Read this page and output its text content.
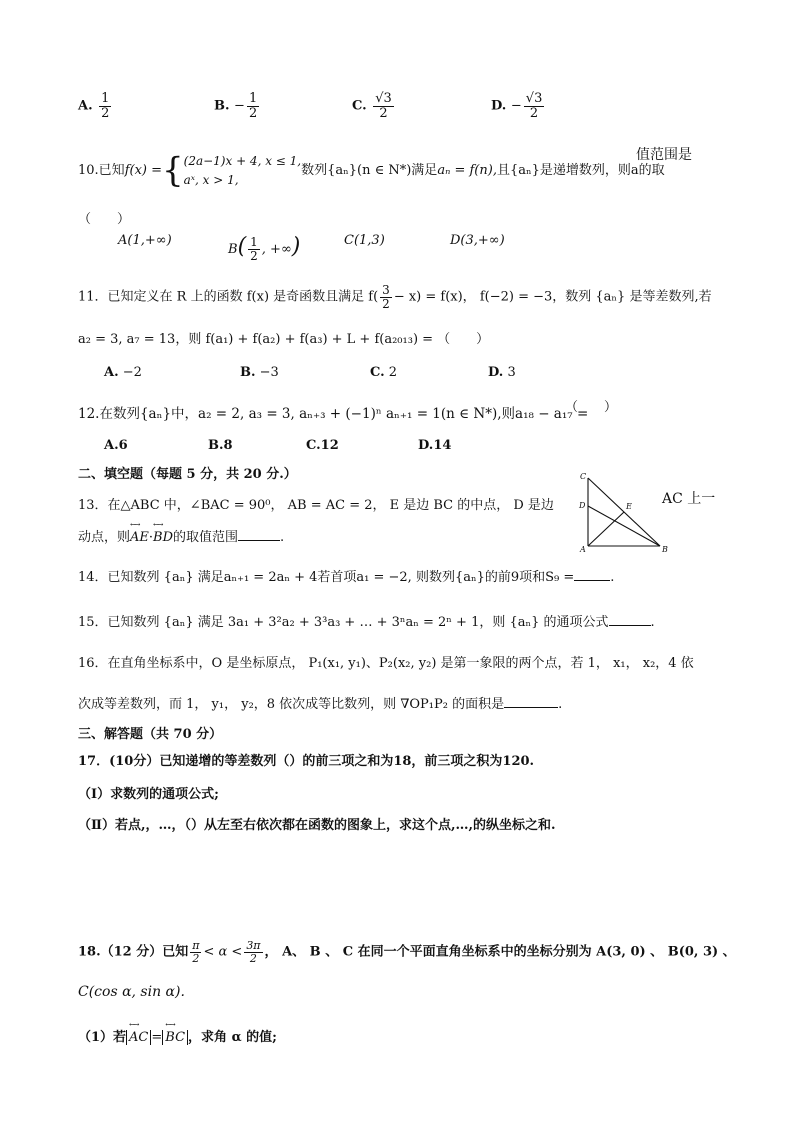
A. $\frac{1}{2}$	B. − $\frac{1}{2}$	C. $\frac{√3}{2}$	D. − $\frac{√3}{2}$
值范围是
10.已知f(x) ={ (2a−1)x + 4, x ≤ 1,
aˣ, x > 1,
数列{aₙ}(n ∈ N*)满足aₙ = f(n),且{aₙ}是递增数列，则a的取
（　　）
A(1,+∞)
$B( \frac{1}{2}$ , +∞)	C(1,3)	D(3,+∞)
11．已知定义在 R 上的函数 f(x) 是奇函数且满足 $f( \frac{3}{2} - x) = f(x)$， f(−2) = −3，数列 {aₙ} 是等差数列,若
a₂ = 3, a₇ = 13，则 f(a₁) + f(a₂) + f(a₃) + L + f(a₂₀₁₃) = （　　）
A. −2	B. −3	C. 2	D. 3
12.在数列{aₙ}中，a₂ = 2, a₃ = 3, aₙ₊₃ + (−1)ⁿ aₙ₊₁ = 1(n ∈ N*),则a₁₈ − a₁₇ =
（　　）
A.6	B.8	C.12	D.14
二、填空题（每题 5 分，共 20 分.）
13．在△ABC 中，∠BAC = 90⁰， AB = AC = 2， E 是边 BC 的中点， D 是边	AC 上一
动点，则←→ AE·←→ BD的取值范围	.
C
D	E
A	B
14．已知数列 {aₙ} 满足aₙ₊₁ = 2aₙ + 4若首项a₁ = −2, 则数列{aₙ}的前9项和S₉ =	.
15．已知数列 {aₙ} 满足 3a₁ + 3²a₂ + 3³a₃ + … + 3ⁿaₙ = 2ⁿ + 1，则 {aₙ} 的通项公式	.
16．在直角坐标系中，O 是坐标原点， P₁(x₁, y₁)、P₂(x₂, y₂) 是第一象限的两个点，若 1， x₁， x₂，4 依
次成等差数列，而 1， y₁， y₂，8 依次成等比数列，则 ∇OP₁P₂ 的面积是	.
三、解答题（共 70 分）
17．(10分）已知递增的等差数列（）的前三项之和为18，前三项之积为120.
（Ⅰ）求数列的通项公式;
（Ⅱ）若点,，…，（）从左至右依次都在函数的图象上，求这个点,…,的纵坐标之和.
18.（12 分）已知 $\frac{\pi}{2} < \alpha < \frac{3\pi}{2}$ ， A、 B 、 C 在同一个平面直角坐标系中的坐标分别为 A(3, 0) 、 B(0, 3) 、
C(cos α, sin α).
（1）若 ←→ AC = ←→ BC ，求角 α 的值;
